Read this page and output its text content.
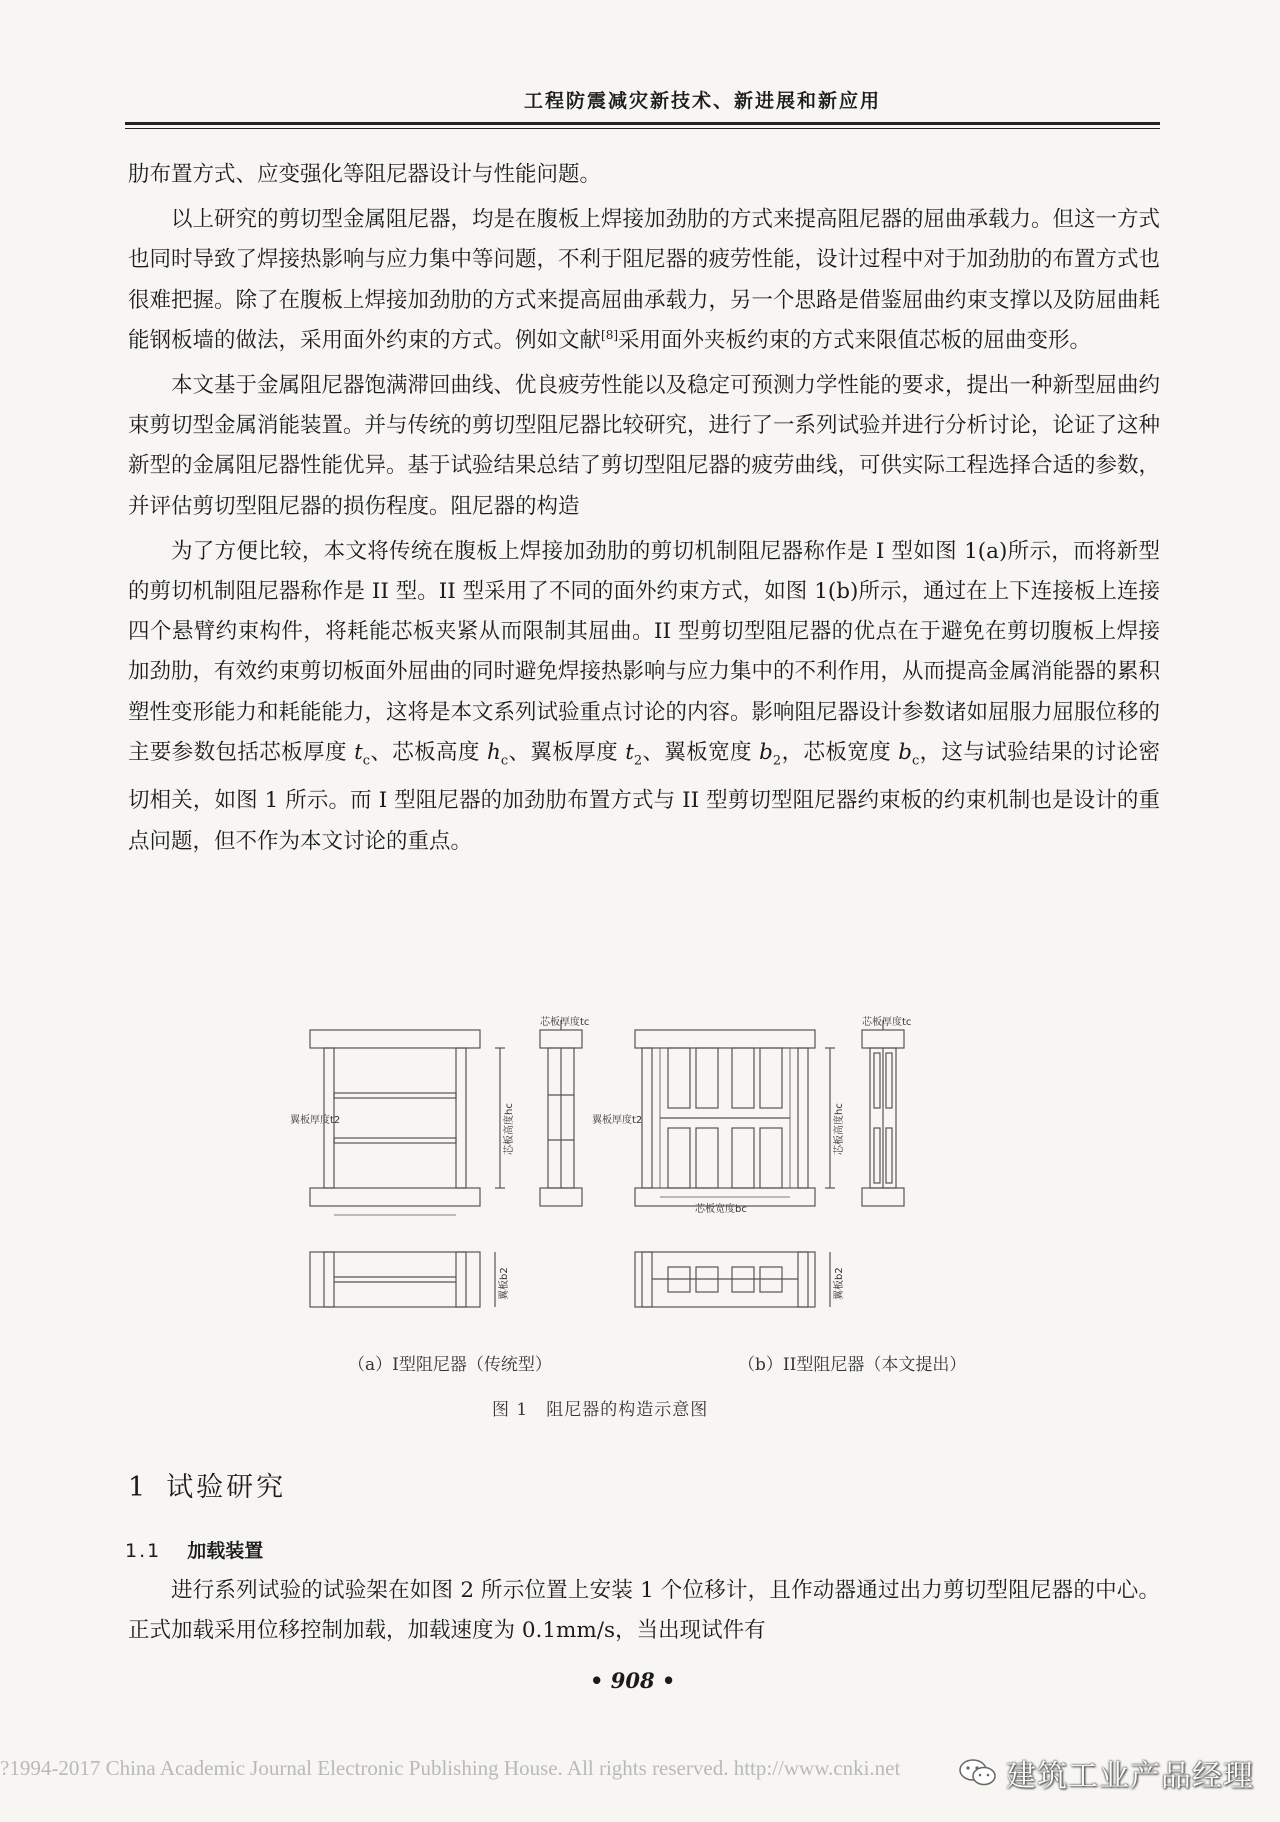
工程防震减灾新技术、新进展和新应用

肋布置方式、应变强化等阻尼器设计与性能问题。

以上研究的剪切型金属阻尼器，均是在腹板上焊接加劲肋的方式来提高阻尼器的屈曲承载力。但这一方式也同时导致了焊接热影响与应力集中等问题，不利于阻尼器的疲劳性能，设计过程中对于加劲肋的布置方式也很难把握。除了在腹板上焊接加劲肋的方式来提高屈曲承载力，另一个思路是借鉴屈曲约束支撑以及防屈曲耗能钢板墙的做法，采用面外约束的方式。例如文献[8]采用面外夹板约束的方式来限值芯板的屈曲变形。

本文基于金属阻尼器饱满滞回曲线、优良疲劳性能以及稳定可预测力学性能的要求，提出一种新型屈曲约束剪切型金属消能装置。并与传统的剪切型阻尼器比较研究，进行了一系列试验并进行分析讨论，论证了这种新型的金属阻尼器性能优异。基于试验结果总结了剪切型阻尼器的疲劳曲线，可供实际工程选择合适的参数，并评估剪切型阻尼器的损伤程度。阻尼器的构造

为了方便比较，本文将传统在腹板上焊接加劲肋的剪切机制阻尼器称作是 I 型如图 1(a)所示，而将新型的剪切机制阻尼器称作是 II 型。II 型采用了不同的面外约束方式，如图 1(b)所示，通过在上下连接板上连接四个悬臂约束构件，将耗能芯板夹紧从而限制其屈曲。II 型剪切型阻尼器的优点在于避免在剪切腹板上焊接加劲肋，有效约束剪切板面外屈曲的同时避免焊接热影响与应力集中的不利作用，从而提高金属消能器的累积塑性变形能力和耗能能力，这将是本文系列试验重点讨论的内容。影响阻尼器设计参数诸如屈服力屈服位移的主要参数包括芯板厚度 $t_c$、芯板高度 $h_c$、翼板厚度 $t_2$、翼板宽度 $b_2$，芯板宽度 $b_c$，这与试验结果的讨论密切相关，如图 1 所示。而 I 型阻尼器的加劲肋布置方式与 II 型剪切型阻尼器约束板的约束机制也是设计的重点问题，但不作为本文讨论的重点。

芯板厚度tc	芯板厚度tc
翼板厚度t2	翼板厚度t2
芯板高度hc	芯板高度hc
芯板宽度bc
翼板b2	翼板b2
（a）I型阻尼器（传统型）	（b）II型阻尼器（本文提出）
图 1　阻尼器的构造示意图
1 试验研究
1.1 加载装置

进行系列试验的试验架在如图 2 所示位置上安装 1 个位移计，且作动器通过出力剪切型阻尼器的中心。正式加载采用位移控制加载，加载速度为 0.1mm/s，当出现试件有

• 908 •
?1994-2017 China Academic Journal Electronic Publishing House. All rights reserved. http://www.cnki.net	建筑工业产品经理
